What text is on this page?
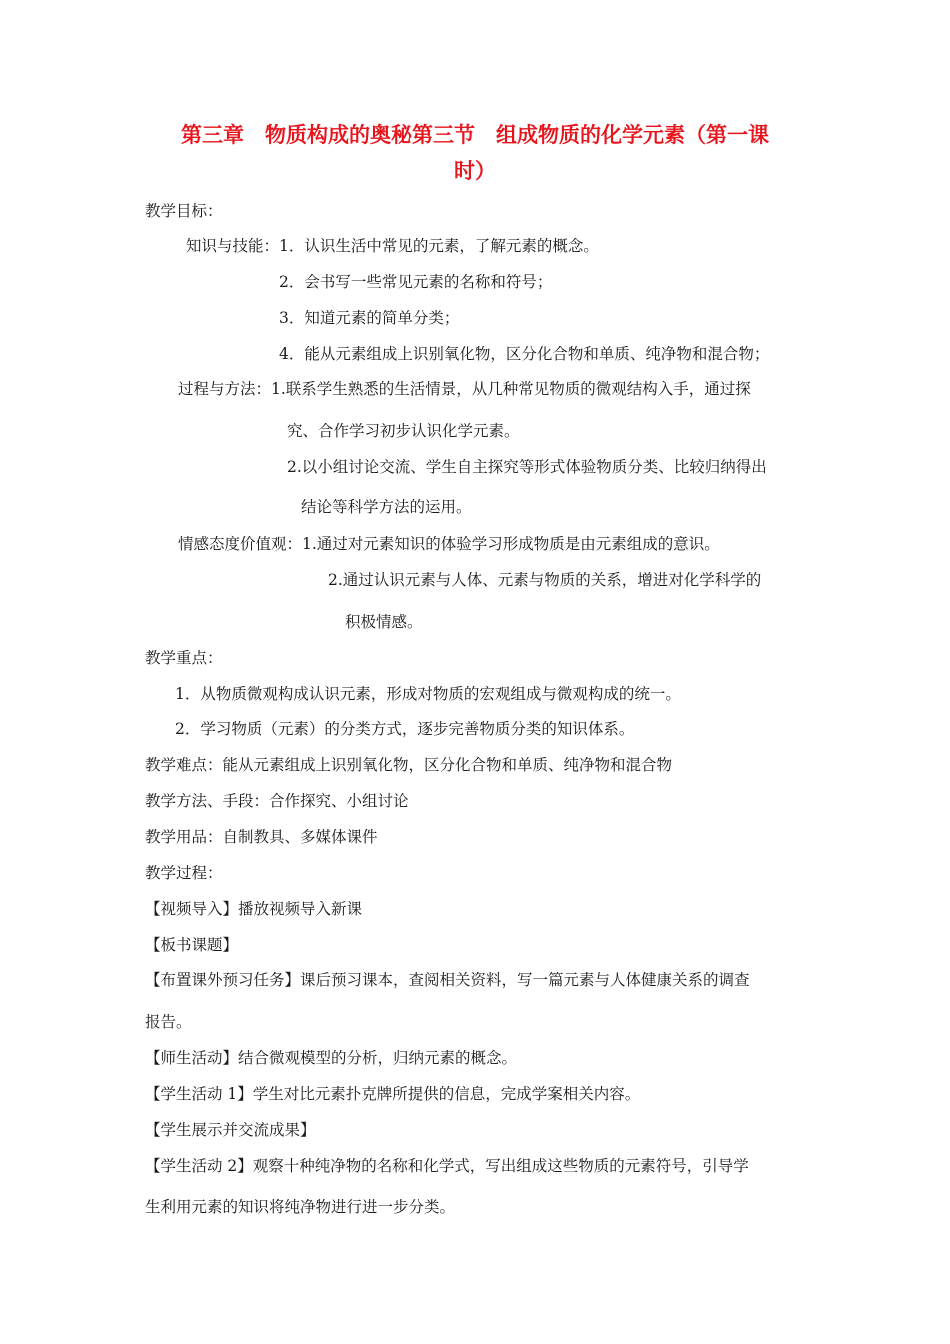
第三章　物质构成的奥秘第三节　组成物质的化学元素（第一课
时）
教学目标：
知识与技能：1．认识生活中常见的元素，了解元素的概念。
2．会书写一些常见元素的名称和符号；
3．知道元素的简单分类；
4．能从元素组成上识别氧化物，区分化合物和单质、纯净物和混合物；
过程与方法：1.联系学生熟悉的生活情景，从几种常见物质的微观结构入手，通过探
究、合作学习初步认识化学元素。
2.以小组讨论交流、学生自主探究等形式体验物质分类、比较归纳得出
结论等科学方法的运用。
情感态度价值观：1.通过对元素知识的体验学习形成物质是由元素组成的意识。
2.通过认识元素与人体、元素与物质的关系，增进对化学科学的
积极情感。
教学重点：
1．从物质微观构成认识元素，形成对物质的宏观组成与微观构成的统一。
2．学习物质（元素）的分类方式，逐步完善物质分类的知识体系。
教学难点：能从元素组成上识别氧化物，区分化合物和单质、纯净物和混合物
教学方法、手段：合作探究、小组讨论
教学用品：自制教具、多媒体课件
教学过程：
【视频导入】播放视频导入新课
【板书课题】
【布置课外预习任务】课后预习课本，查阅相关资料，写一篇元素与人体健康关系的调查
报告。
【师生活动】结合微观模型的分析，归纳元素的概念。
【学生活动 1】学生对比元素扑克牌所提供的信息，完成学案相关内容。
【学生展示并交流成果】
【学生活动 2】观察十种纯净物的名称和化学式，写出组成这些物质的元素符号，引导学
生利用元素的知识将纯净物进行进一步分类。
